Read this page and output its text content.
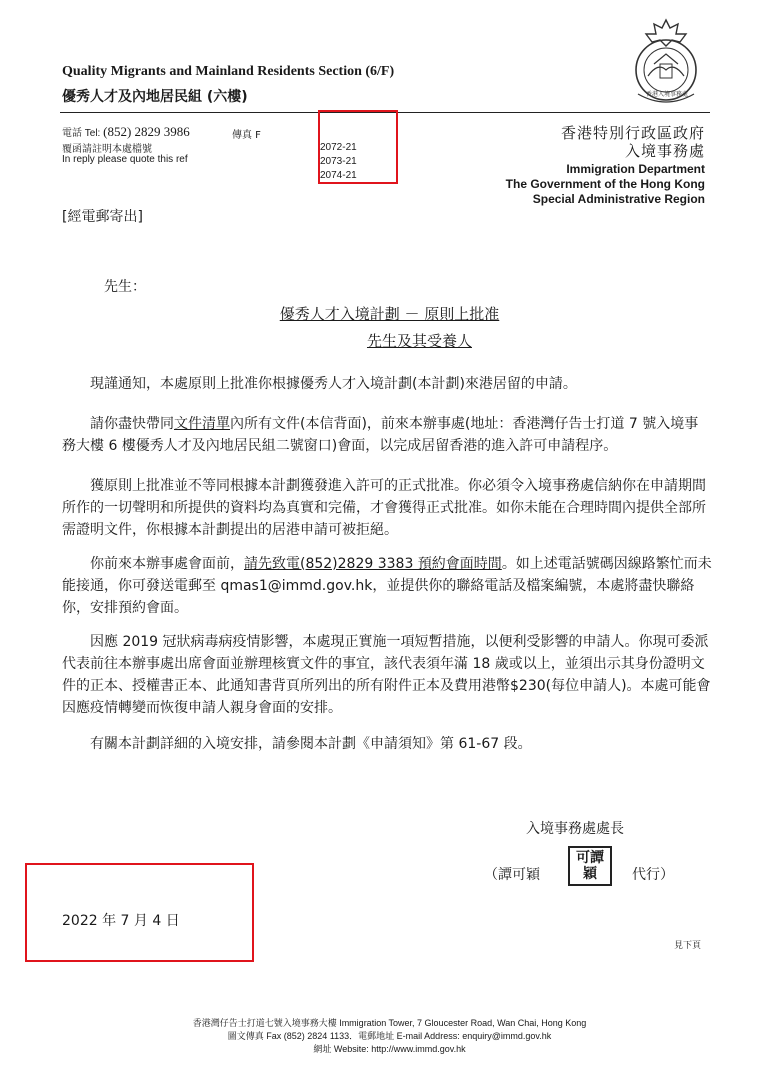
Quality Migrants and Mainland Residents Section (6/F)
優秀人才及內地居民組 (六樓)	香港入境事務處
電話 Tel: (852) 2829 3986	傳真 F
覆函請註明本處檔號
In reply please quote this ref
2072-21
2073-21
2074-21
香港特別行政區政府
入境事務處
Immigration Department
The Government of the Hong Kong
Special Administrative Region
[經電郵寄出]
先生：
優秀人才入境計劃 － 原則上批准
先生及其受養人

現謹通知，本處原則上批准你根據優秀人才入境計劃(本計劃)來港居留的申請。

請你盡快帶同文件清單內所有文件(本信背面)，前來本辦事處(地址：香港灣仔告士打道 7 號入境事務大樓 6 樓優秀人才及內地居民組二號窗口)會面，以完成居留香港的進入許可申請程序。

獲原則上批准並不等同根據本計劃獲發進入許可的正式批准。你必須令入境事務處信納你在申請期間所作的一切聲明和所提供的資料均為真實和完備，才會獲得正式批准。如你未能在合理時間內提供全部所需證明文件，你根據本計劃提出的居港申請可被拒絕。

你前來本辦事處會面前，請先致電(852)2829 3383 預約會面時間。如上述電話號碼因線路繁忙而未能接通，你可發送電郵至 qmas1@immd.gov.hk，並提供你的聯絡電話及檔案編號，本處將盡快聯絡你，安排預約會面。

因應 2019 冠狀病毒病疫情影響，本處現正實施一項短暫措施，以便利受影響的申請人。你現可委派代表前往本辦事處出席會面並辦理核實文件的事宜，該代表須年滿 18 歲或以上，並須出示其身份證明文件的正本、授權書正本、此通知書背頁所列出的所有附件正本及費用港幣$230(每位申請人)。本處可能會因應疫情轉變而恢復申請人親身會面的安排。

有關本計劃詳細的入境安排，請參閱本計劃《申請須知》第 61-67 段。

入境事務處處長
（譚可穎
可譚穎	代行）
2022 年 7 月 4 日
見下頁
香港灣仔告士打道七號入境事務大樓 Immigration Tower, 7 Gloucester Road, Wan Chai, Hong Kong
圖文傳真 Fax (852) 2824 1133．電郵地址 E-mail Address: enquiry@immd.gov.hk
網址 Website: http://www.immd.gov.hk
